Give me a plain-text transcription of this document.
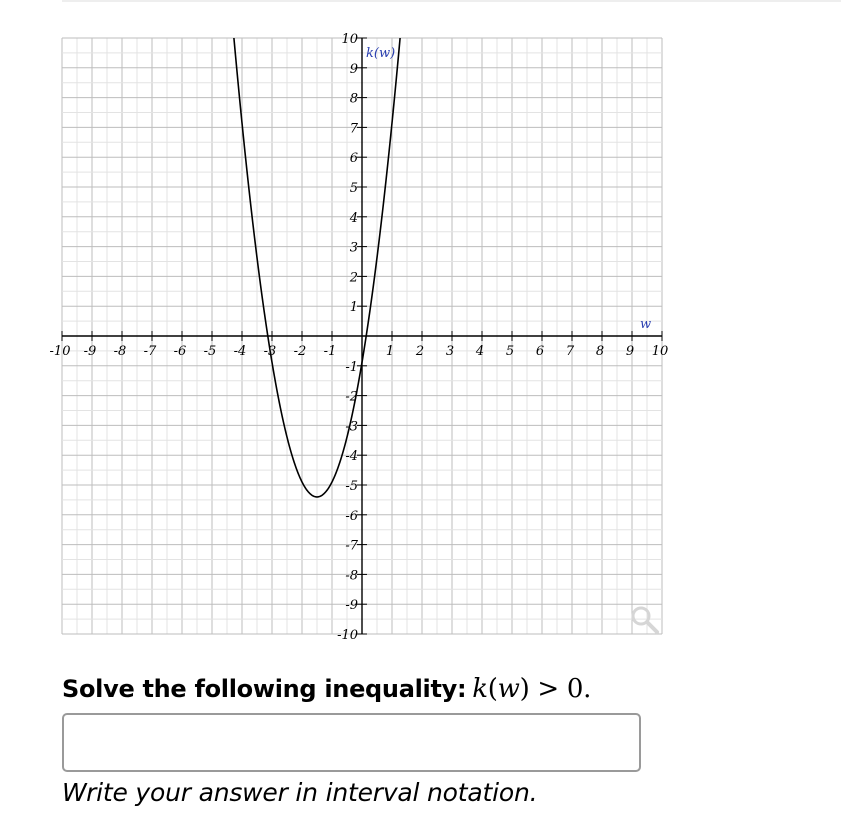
-10 -9 -8 -7 -6 -5 -4 -3 -2 -1	1 2 3 4 5 6 7 8 9 10
10
9
8
7
6
5
4
3
2
1
-1
-2
-3
-4
-5
-6
-7
-8
-9
-10
k(w)
w
Solve the following inequality: k(w) > 0.
Write your answer in interval notation.
